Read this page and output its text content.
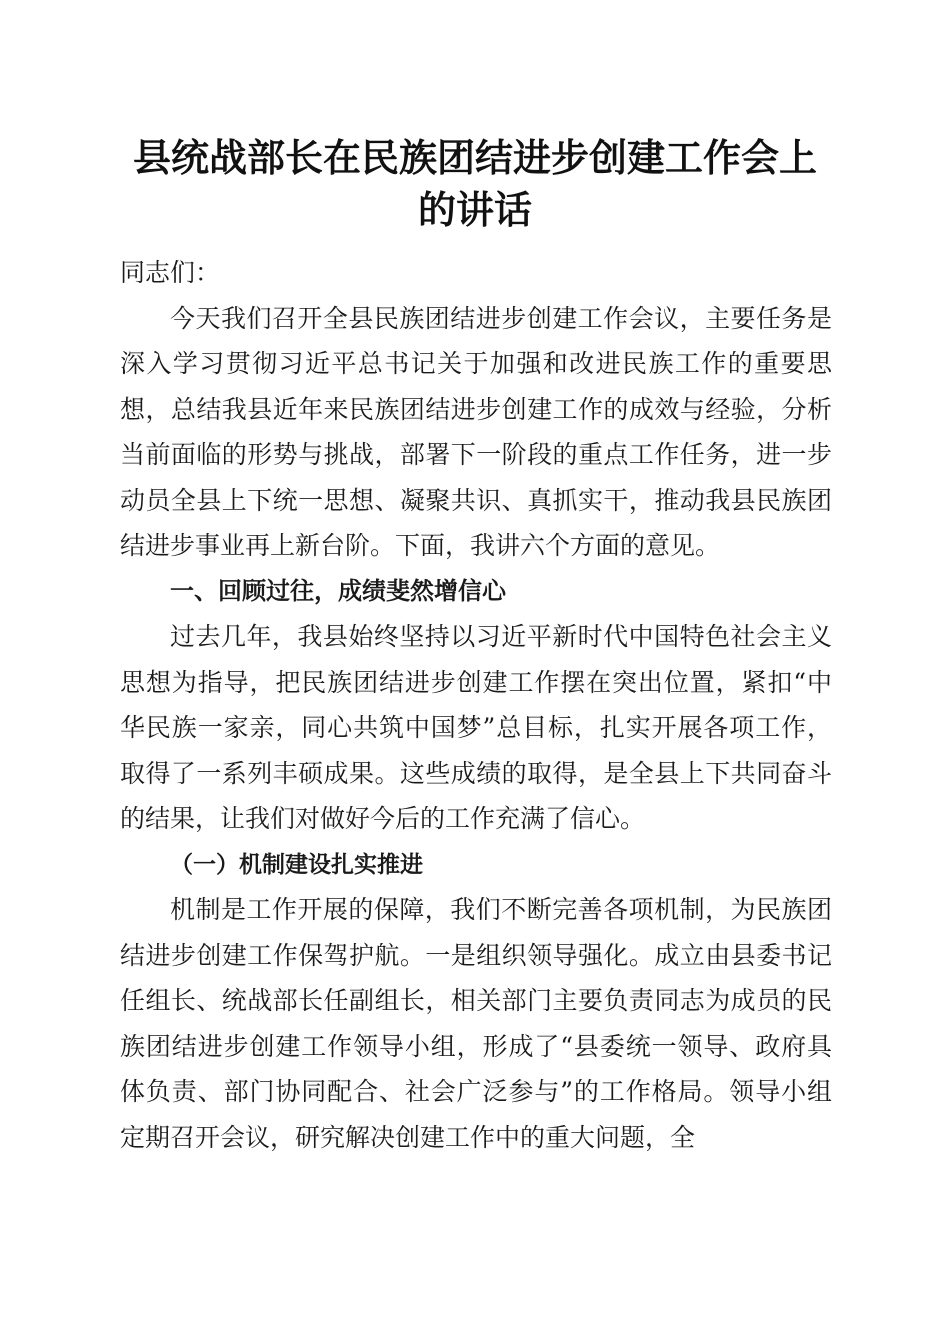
县统战部长在民族团结进步创建工作会上的讲话

同志们：

今天我们召开全县民族团结进步创建工作会议，主要任务是深入学习贯彻习近平总书记关于加强和改进民族工作的重要思想，总结我县近年来民族团结进步创建工作的成效与经验，分析当前面临的形势与挑战，部署下一阶段的重点工作任务，进一步动员全县上下统一思想、凝聚共识、真抓实干，推动我县民族团结进步事业再上新台阶。下面，我讲六个方面的意见。

一、回顾过往，成绩斐然增信心

过去几年，我县始终坚持以习近平新时代中国特色社会主义思想为指导，把民族团结进步创建工作摆在突出位置，紧扣“中华民族一家亲，同心共筑中国梦”总目标，扎实开展各项工作，取得了一系列丰硕成果。这些成绩的取得，是全县上下共同奋斗的结果，让我们对做好今后的工作充满了信心。

（一）机制建设扎实推进

机制是工作开展的保障，我们不断完善各项机制，为民族团结进步创建工作保驾护航。一是组织领导强化。成立由县委书记任组长、统战部长任副组长，相关部门主要负责同志为成员的民族团结进步创建工作领导小组，形成了“县委统一领导、政府具体负责、部门协同配合、社会广泛参与”的工作格局。领导小组定期召开会议，研究解决创建工作中的重大问题，全
